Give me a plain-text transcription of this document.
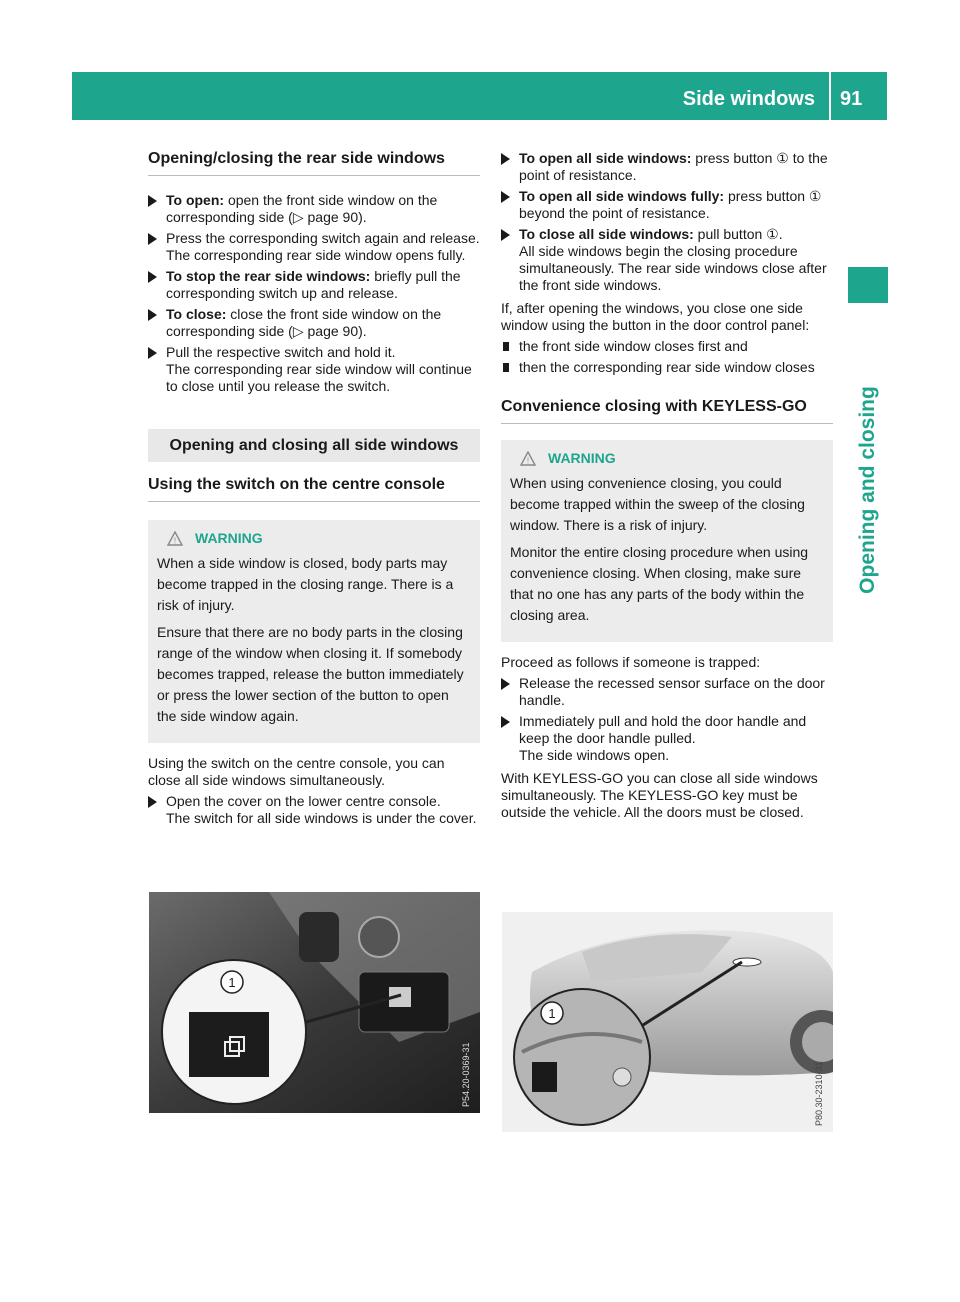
Side windows 91
Opening and closing
Opening/closing the rear side windows
To open: open the front side window on the corresponding side (▷ page 90).
Press the corresponding switch again and release.
The corresponding rear side window opens fully.
To stop the rear side windows: briefly pull the corresponding switch up and release.
To close: close the front side window on the corresponding side (▷ page 90).
Pull the respective switch and hold it.
The corresponding rear side window will continue to close until you release the switch.
Opening and closing all side windows
Using the switch on the centre console
! WARNING

When a side window is closed, body parts may become trapped in the closing range. There is a risk of injury.

Ensure that there are no body parts in the closing range of the window when closing it. If somebody becomes trapped, release the button immediately or press the lower section of the button to open the side window again.

Using the switch on the centre console, you can close all side windows simultaneously.
Open the cover on the lower centre console.
The switch for all side windows is under the cover.
1
P54.20-0369-31
To open all side windows: press button ① to the point of resistance.
To open all side windows fully: press button ① beyond the point of resistance.
To close all side windows: pull button ①.
All side windows begin the closing procedure simultaneously. The rear side windows close after the front side windows.
If, after opening the windows, you close one side window using the button in the door control panel:
the front side window closes first and
then the corresponding rear side window closes
Convenience closing with KEYLESS-GO
! WARNING

When using convenience closing, you could become trapped within the sweep of the closing window. There is a risk of injury.

Monitor the entire closing procedure when using convenience closing. When closing, make sure that no one has any parts of the body within the closing area.

Proceed as follows if someone is trapped:
Release the recessed sensor surface on the door handle.
Immediately pull and hold the door handle and keep the door handle pulled.
The side windows open.
With KEYLESS-GO you can close all side windows simultaneously. The KEYLESS-GO key must be outside the vehicle. All the doors must be closed.
1
P80.30-2310-31
